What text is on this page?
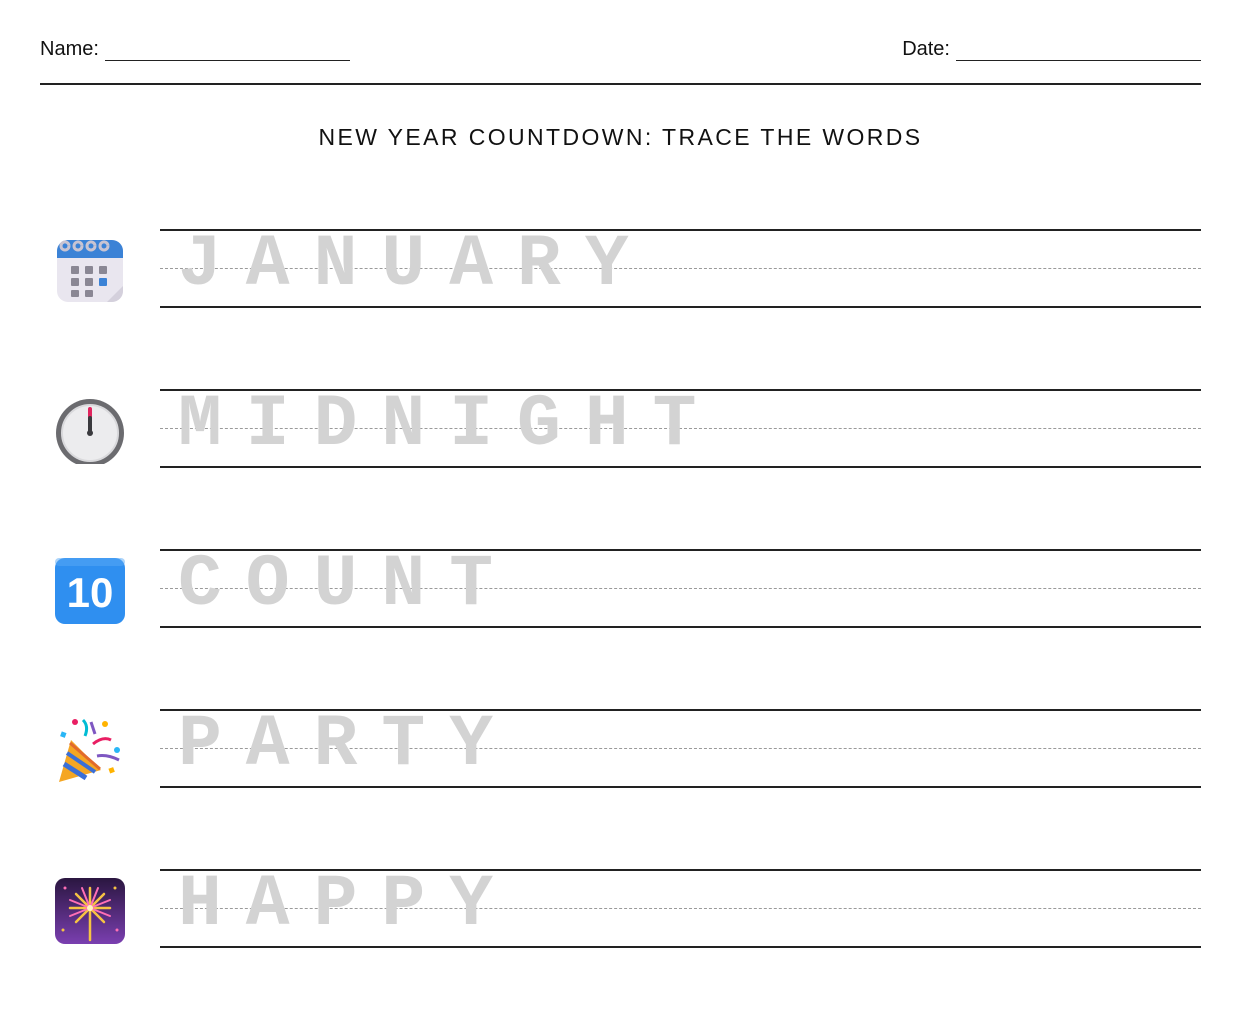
Name:	Date:
NEW YEAR COUNTDOWN: TRACE THE WORDS
JANUARY
MIDNIGHT
10 COUNT
PARTY
HAPPY
